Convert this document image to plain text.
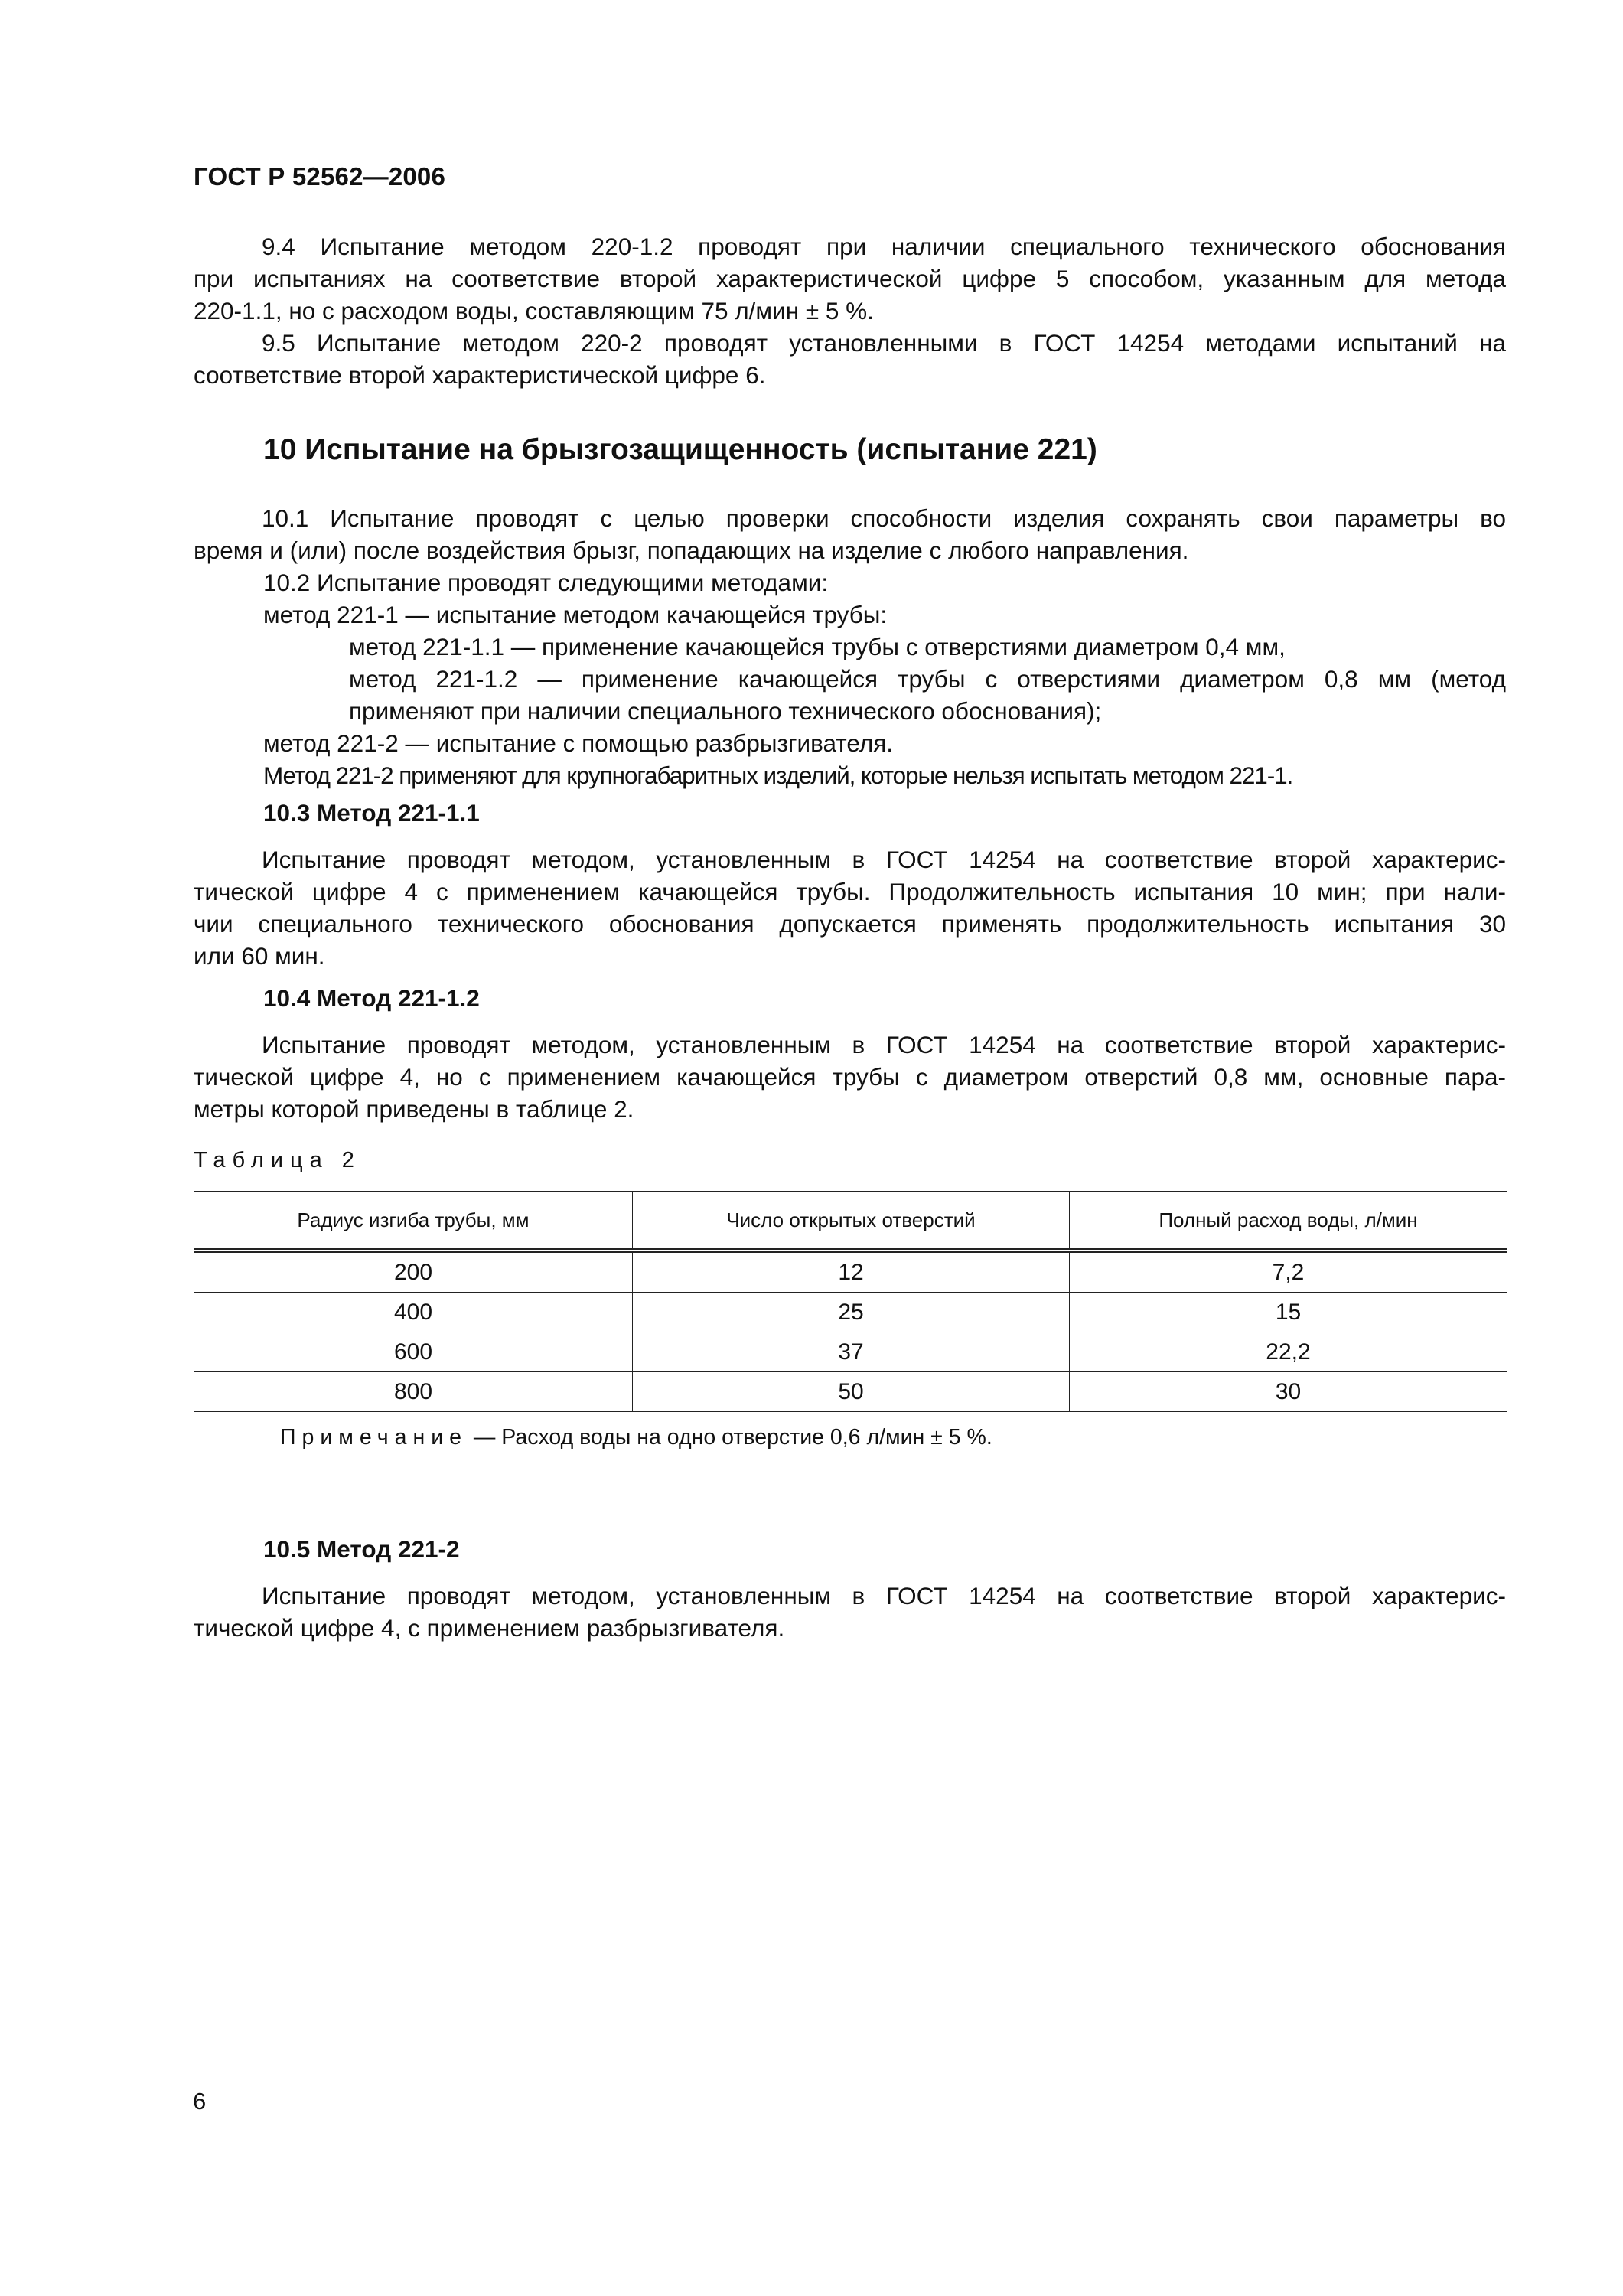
ГОСТ Р 52562—2006
9.4 Испытание методом 220-1.2 проводят при наличии специального технического обоснования
при испытаниях на соответствие второй характеристической цифре 5 способом, указанным для метода
220-1.1, но с расходом воды, составляющим 75 л/мин ± 5 %.
9.5 Испытание методом 220-2 проводят установленными в ГОСТ 14254 методами испытаний на
соответствие второй характеристической цифре 6.
10 Испытание на брызгозащищенность (испытание 221)
10.1 Испытание проводят с целью проверки способности изделия сохранять свои параметры во
время и (или) после воздействия брызг, попадающих на изделие с любого направления.
10.2 Испытание проводят следующими методами:
метод 221-1 — испытание методом качающейся трубы:
метод 221-1.1 — применение качающейся трубы с отверстиями диаметром 0,4 мм,
метод 221-1.2 — применение качающейся трубы с отверстиями диаметром 0,8 мм (метод
применяют при наличии специального технического обоснования);
метод 221-2 — испытание с помощью разбрызгивателя.
Метод 221-2 применяют для крупногабаритных изделий, которые нельзя испытать методом 221-1.
10.3 Метод 221-1.1
Испытание проводят методом, установленным в ГОСТ 14254 на соответствие второй характерис-
тической цифре 4 с применением качающейся трубы. Продолжительность испытания 10 мин; при нали-
чии специального технического обоснования допускается применять продолжительность испытания 30
или 60 мин.
10.4 Метод 221-1.2
Испытание проводят методом, установленным в ГОСТ 14254 на соответствие второй характерис-
тической цифре 4, но с применением качающейся трубы с диаметром отверстий 0,8 мм, основные пара-
метры которой приведены в таблице 2.
Таблица 2
Радиус изгиба трубы, мм	Число открытых отверстий	Полный расход воды, л/мин
200	12	7,2
400	25	15
600	37	22,2
800	50	30
Примечание — Расход воды на одно отверстие 0,6 л/мин ± 5 %.		
10.5 Метод 221-2
Испытание проводят методом, установленным в ГОСТ 14254 на соответствие второй характерис-
тической цифре 4, с применением разбрызгивателя.
6
